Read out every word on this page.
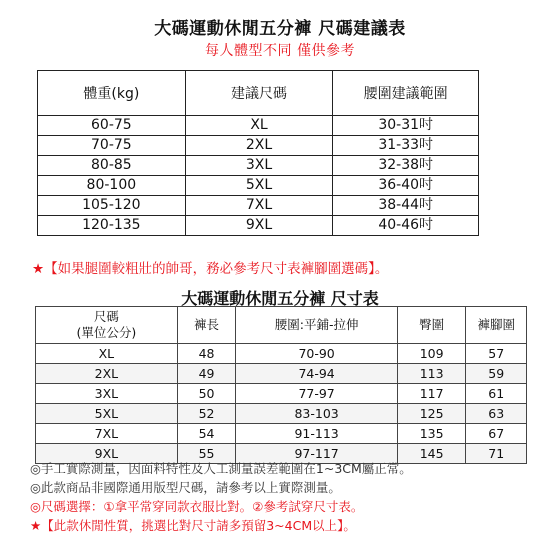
大碼運動休閒五分褲 尺碼建議表
每人體型不同 僅供參考
體重(kg)	建議尺碼	腰圍建議範圍
60-75	XL	30-31吋
70-75	2XL	31-33吋
80-85	3XL	32-38吋
80-100	5XL	36-40吋
105-120	7XL	38-44吋
120-135	9XL	40-46吋
★【如果腿圍較粗壯的帥哥，務必參考尺寸表褲腳圍選碼】。
大碼運動休閒五分褲 尺寸表
尺碼
(單位公分)	褲長	腰圍:平鋪-拉伸	臀圍	褲腳圍
XL	48	70-90	109	57
2XL	49	74-94	113	59
3XL	50	77-97	117	61
5XL	52	83-103	125	63
7XL	54	91-113	135	67
9XL	55	97-117	145	71
◎手工實際測量，因面料特性及人工測量誤差範圍在1~3CM屬正常。
◎此款商品非國際通用版型尺碼，請參考以上實際測量。
◎尺碼選擇：①拿平常穿同款衣服比對。②參考試穿尺寸表。
★【此款休閒性質，挑選比對尺寸請多預留3~4CM以上】。
